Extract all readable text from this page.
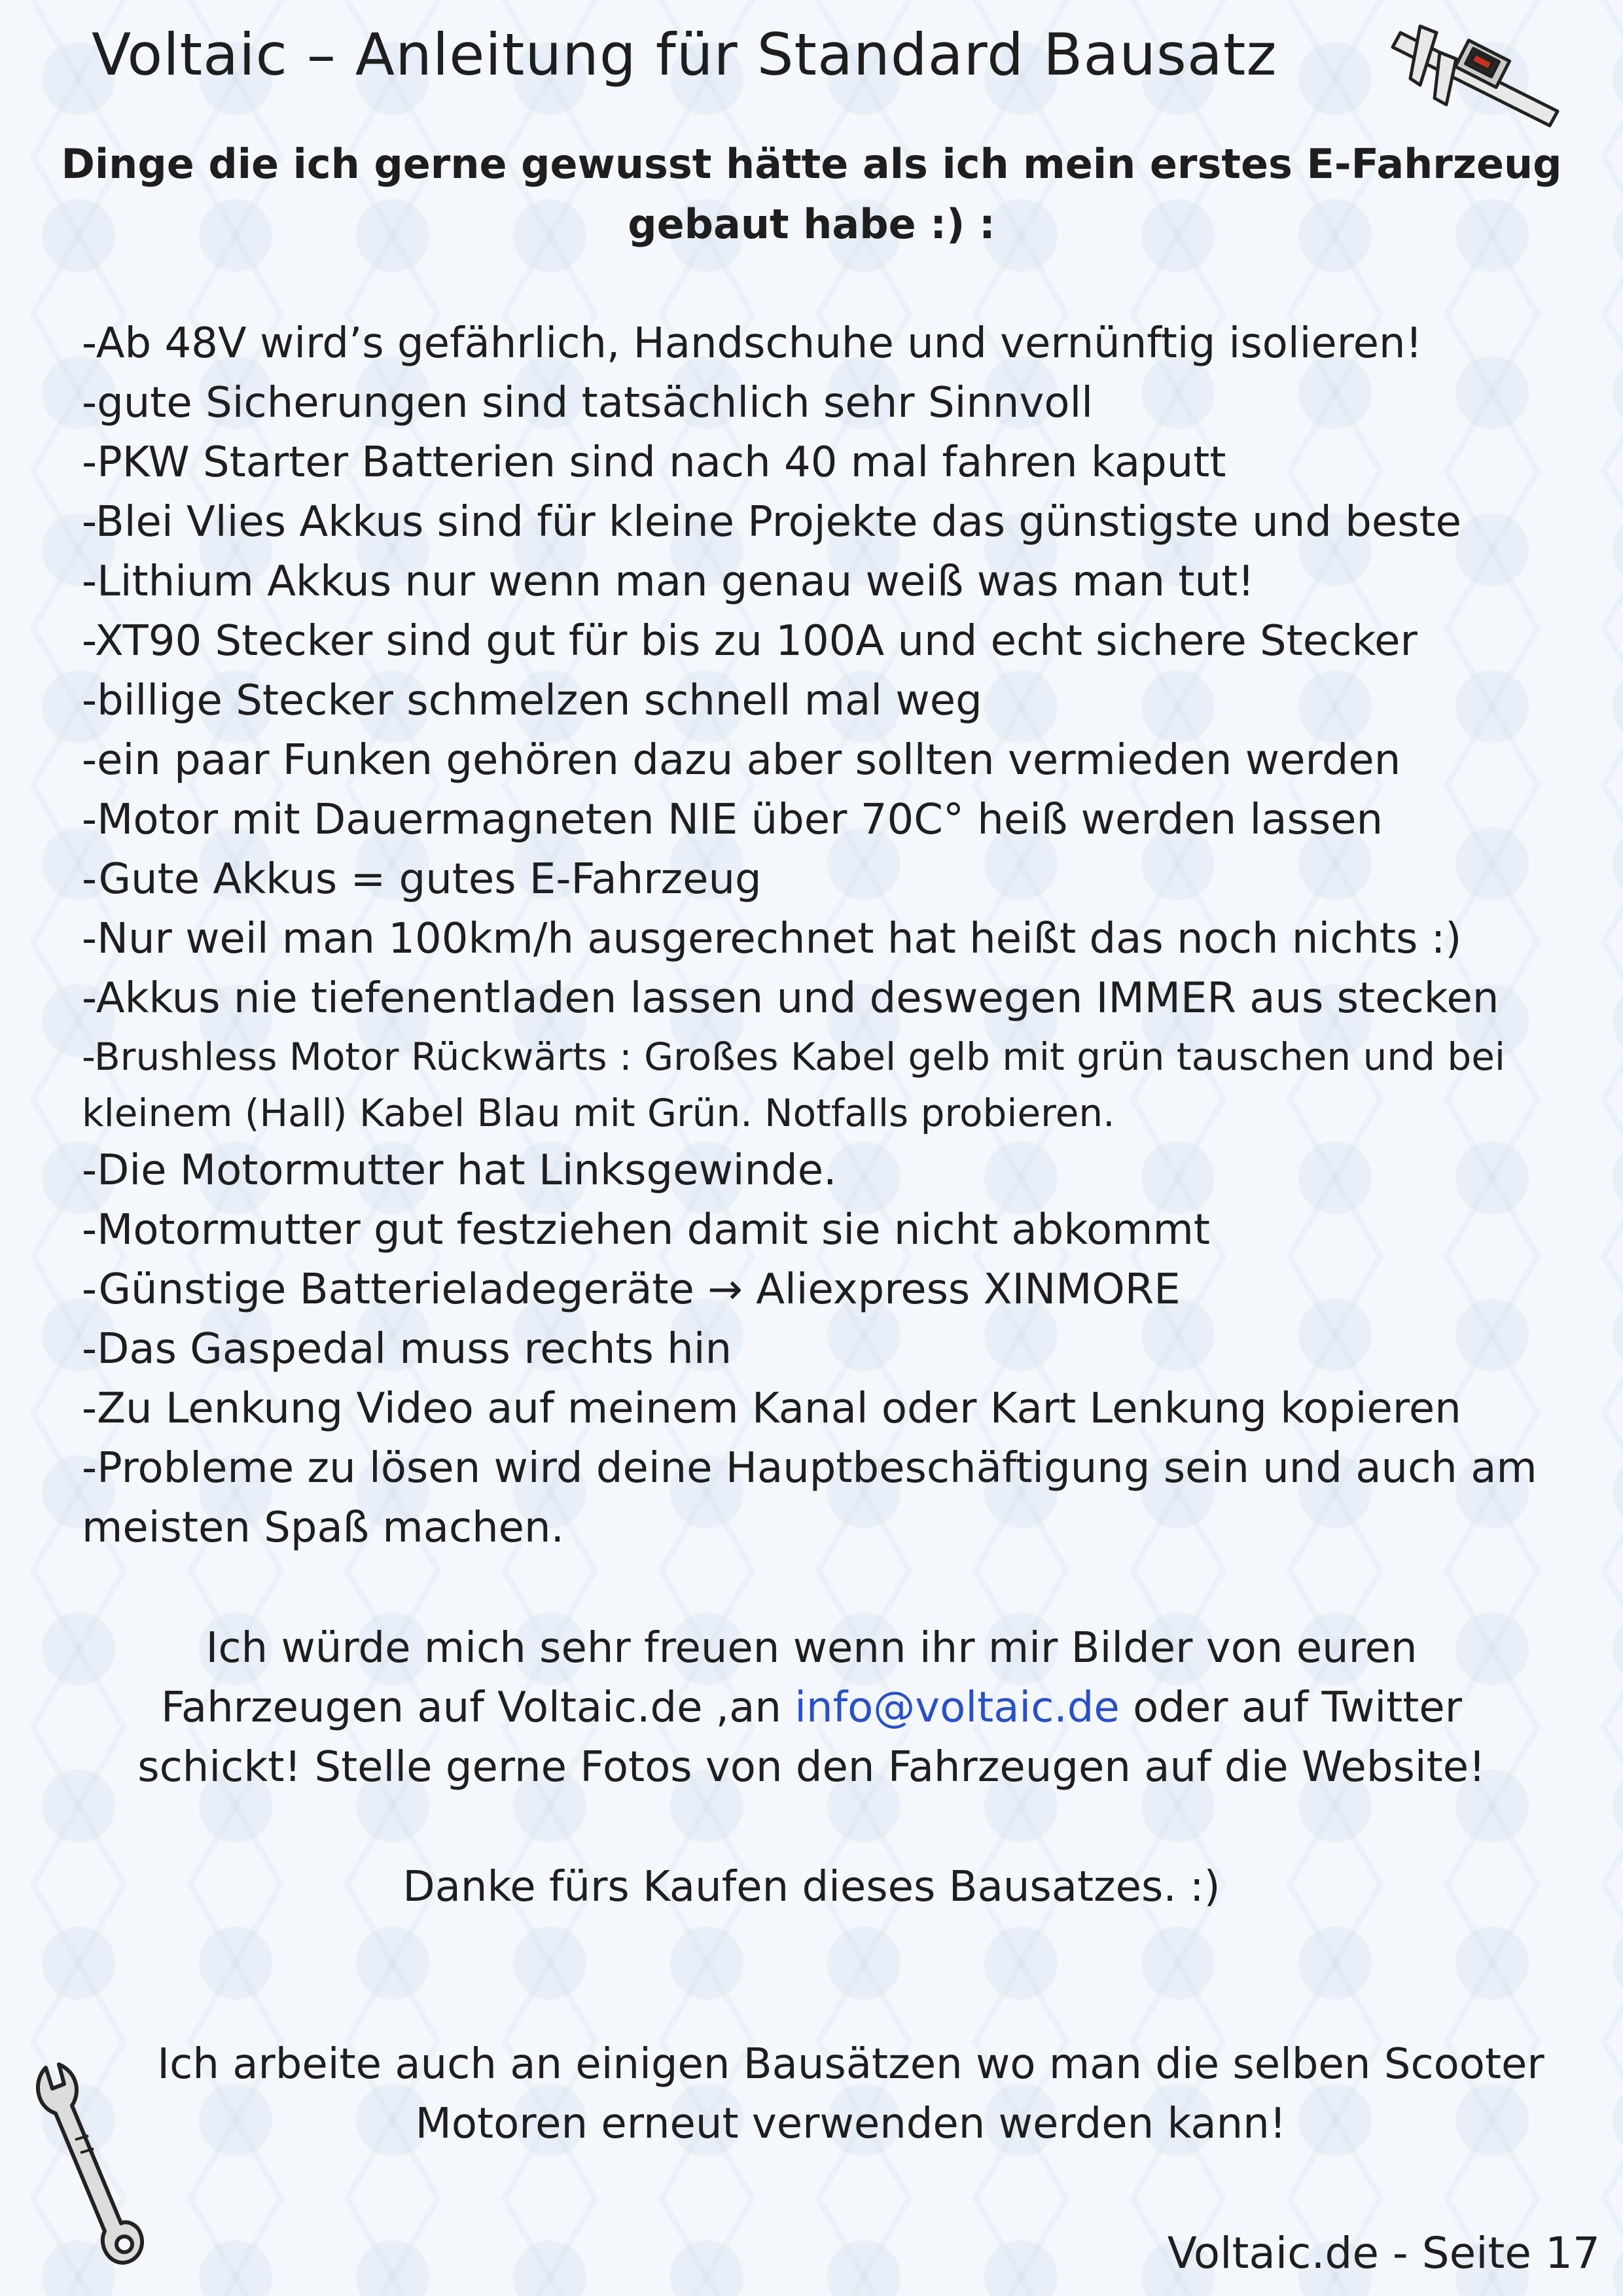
Voltaic – Anleitung für Standard Bausatz
Dinge die ich gerne gewusst hätte als ich mein erstes E-Fahrzeug
gebaut habe :) :
-Ab 48V wird’s gefährlich, Handschuhe und vernünftig isolieren!
-gute Sicherungen sind tatsächlich sehr Sinnvoll
-PKW Starter Batterien sind nach 40 mal fahren kaputt
-Blei Vlies Akkus sind für kleine Projekte das günstigste und beste
-Lithium Akkus nur wenn man genau weiß was man tut!
-XT90 Stecker sind gut für bis zu 100A und echt sichere Stecker
-billige Stecker schmelzen schnell mal weg
-ein paar Funken gehören dazu aber sollten vermieden werden
-Motor mit Dauermagneten NIE über 70C° heiß werden lassen
-Gute Akkus = gutes E-Fahrzeug
-Nur weil man 100km/h ausgerechnet hat heißt das noch nichts :)
-Akkus nie tiefenentladen lassen und deswegen IMMER aus stecken
-Brushless Motor Rückwärts : Großes Kabel gelb mit grün tauschen und bei kleinem (Hall) Kabel Blau mit Grün. Notfalls probieren.
-Die Motormutter hat Linksgewinde.
-Motormutter gut festziehen damit sie nicht abkommt
-Günstige Batterieladegeräte → Aliexpress XINMORE
-Das Gaspedal muss rechts hin
-Zu Lenkung Video auf meinem Kanal oder Kart Lenkung kopieren
-Probleme zu lösen wird deine Hauptbeschäftigung sein und auch am meisten Spaß machen.
Ich würde mich sehr freuen wenn ihr mir Bilder von euren Fahrzeugen auf Voltaic.de ,an info@voltaic.de oder auf Twitter schickt! Stelle gerne Fotos von den Fahrzeugen auf die Website!
Danke fürs Kaufen dieses Bausatzes. :)
Ich arbeite auch an einigen Bausätzen wo man die selben Scooter Motoren erneut verwenden werden kann!
Voltaic.de - Seite 17
